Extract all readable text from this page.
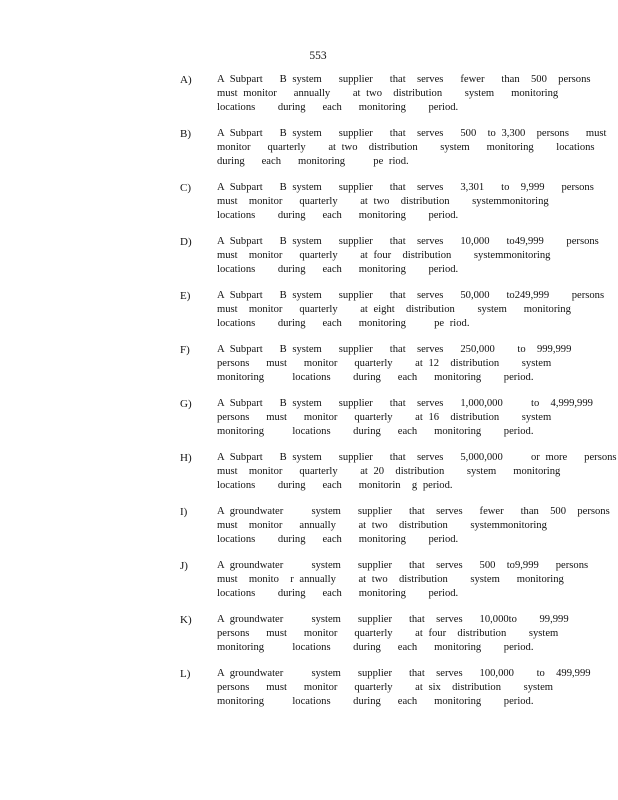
553
A) A Subpart   B system   supplier   that  serves   fewer   than  500  persons
must monitor   annually    at two  distribution    system   monitoring
locations    during   each   monitoring    period.
B) A Subpart   B system   supplier   that  serves   500  to 3,300  persons   must
monitor   quarterly    at two  distribution    system   monitoring    locations
during   each   monitoring     pe riod.
C) A Subpart   B system   supplier   that  serves   3,301   to  9,999   persons
must  monitor   quarterly    at two  distribution    systemmonitoring
locations    during   each   monitoring    period.
D) A Subpart   B system   supplier   that  serves   10,000   to49,999    persons
must  monitor   quarterly    at four  distribution    systemmonitoring
locations    during   each   monitoring    period.
E)	A Subpart   B system   supplier   that  serves   50,000   to249,999    persons
must  monitor   quarterly    at eight  distribution    system   monitoring
locations    during   each   monitoring     pe riod.
F)	A Subpart   B system   supplier   that  serves   250,000    to  999,999
persons   must   monitor   quarterly    at 12  distribution    system
monitoring     locations    during   each   monitoring    period.
G) A Subpart   B system   supplier   that  serves   1,000,000     to  4,999,999
persons   must   monitor   quarterly    at 16  distribution    system
monitoring     locations    during   each   monitoring    period.
H) A Subpart   B system   supplier   that  serves   5,000,000     or more   persons
must  monitor   quarterly    at 20  distribution    system   monitoring
locations    during   each   monitorin  g period.
I)	A groundwater     system   supplier   that  serves   fewer   than  500  persons
must  monitor   annually    at two  distribution    systemmonitoring
locations    during   each   monitoring    period.
J)	A groundwater     system   supplier   that  serves   500  to9,999   persons
must  monito  r annually    at two  distribution    system   monitoring
locations    during   each   monitoring    period.
K) A groundwater     system   supplier   that  serves   10,000to    99,999
persons   must   monitor   quarterly    at four  distribution    system
monitoring     locations    during   each   monitoring    period.
L)	A groundwater     system   supplier   that  serves   100,000    to  499,999
persons   must   monitor   quarterly    at six  distribution    system
monitoring     locations    during   each   monitoring    period.
